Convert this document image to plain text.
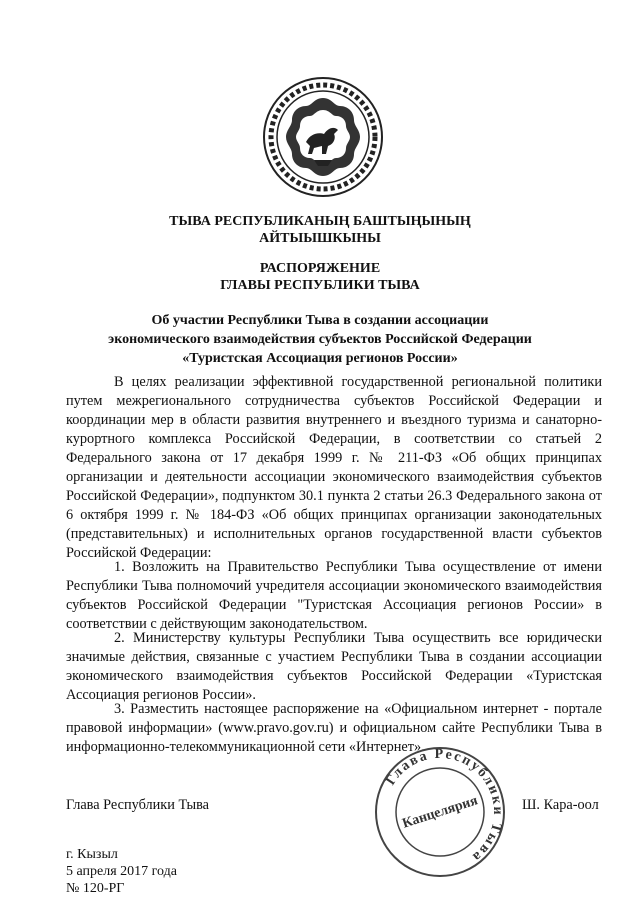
ТЫВА РЕСПУБЛИКАНЫҢ БАШТЫҢЫНЫҢ
АЙТЫЫШКЫНЫ
РАСПОРЯЖЕНИЕ
ГЛАВЫ РЕСПУБЛИКИ ТЫВА
Об участии Республики Тыва в создании ассоциации
экономического взаимодействия субъектов Российской Федерации
«Туристская Ассоциация регионов России»

В целях реализации эффективной государственной региональной политики путем межрегионального сотрудничества субъектов Российской Федерации и координации мер в области развития внутреннего и въездного туризма и санаторно-курортного комплекса Российской Федерации, в соответствии со статьей 2 Федерального закона от 17 декабря 1999 г. № 211-ФЗ «Об общих принципах организации и деятельности ассоциации экономического взаимодействия субъектов Российской Федерации», подпунктом 30.1 пункта 2 статьи 26.3 Федерального закона от 6 октября 1999 г. № 184-ФЗ «Об общих принципах организации законодательных (представительных) и исполнительных органов государственной власти субъектов Российской Федерации:

1. Возложить на Правительство Республики Тыва осуществление от имени Республики Тыва полномочий учредителя ассоциации экономического взаимодействия субъектов Российской Федерации "Туристская Ассоциация регионов России» в соответствии с действующим законодательством.

2. Министерству культуры Республики Тыва осуществить все юридически значимые действия, связанные с участием Республики Тыва в создании ассоциации экономического взаимодействия субъектов Российской Федерации «Туристская Ассоциация регионов России».

3. Разместить настоящее распоряжение на «Официальном интернет - портале правовой информации» (www.pravo.gov.ru) и официальном сайте Республики Тыва в информационно-телекоммуникационной сети «Интернет».

Глава Республики Тыва
Канцелярия
Глава Республики Тыва	Ш. Кара-оол
г. Кызыл
5 апреля 2017 года
№ 120-РГ
